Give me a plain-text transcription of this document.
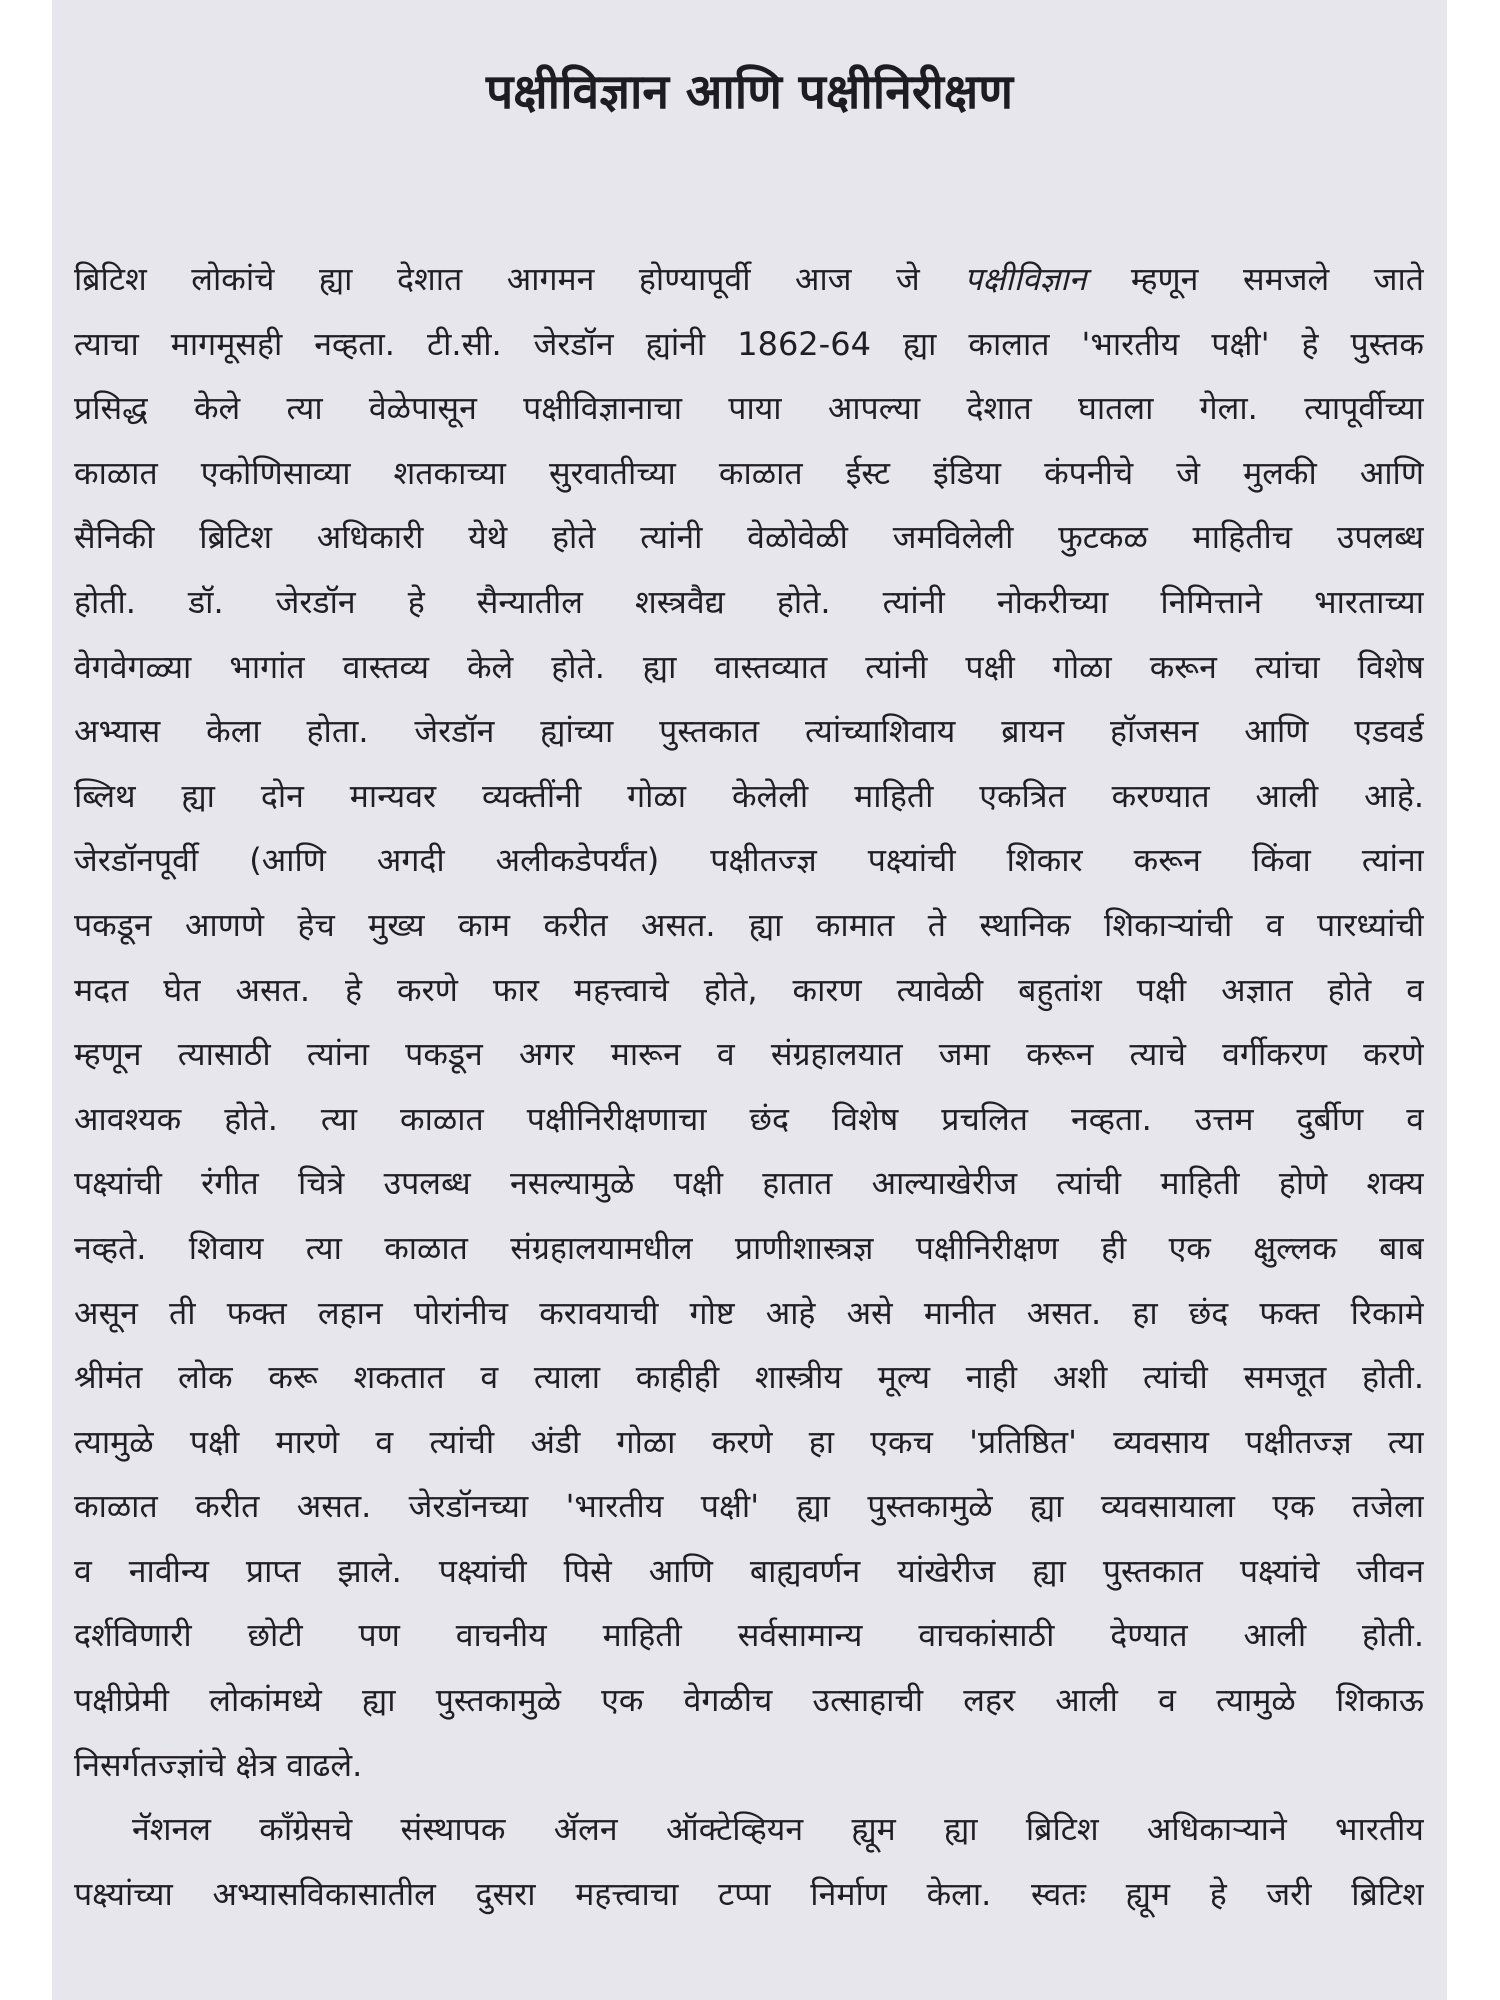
पक्षीविज्ञान आणि पक्षीनिरीक्षण
ब्रिटिश लोकांचे ह्या देशात आगमन होण्यापूर्वी आज जे पक्षीविज्ञान म्हणून समजले जाते
त्याचा मागमूसही नव्हता. टी.सी. जेरडॉन ह्यांनी 1862-64 ह्या कालात 'भारतीय पक्षी' हे पुस्तक
प्रसिद्ध केले त्या वेळेपासून पक्षीविज्ञानाचा पाया आपल्या देशात घातला गेला. त्यापूर्वीच्या
काळात एकोणिसाव्या शतकाच्या सुरवातीच्या काळात ईस्ट इंडिया कंपनीचे जे मुलकी आणि
सैनिकी ब्रिटिश अधिकारी येथे होते त्यांनी वेळोवेळी जमविलेली फुटकळ माहितीच उपलब्ध
होती. डॉ. जेरडॉन हे सैन्यातील शस्त्रवैद्य होते. त्यांनी नोकरीच्या निमित्ताने भारताच्या
वेगवेगळ्या भागांत वास्तव्य केले होते. ह्या वास्तव्यात त्यांनी पक्षी गोळा करून त्यांचा विशेष
अभ्यास केला होता. जेरडॉन ह्यांच्या पुस्तकात त्यांच्याशिवाय ब्रायन हॉजसन आणि एडवर्ड
ब्लिथ ह्या दोन मान्यवर व्यक्तींनी गोळा केलेली माहिती एकत्रित करण्यात आली आहे.
जेरडॉनपूर्वी (आणि अगदी अलीकडेपर्यंत) पक्षीतज्ज्ञ पक्ष्यांची शिकार करून किंवा त्यांना
पकडून आणणे हेच मुख्य काम करीत असत. ह्या कामात ते स्थानिक शिकाऱ्यांची व पारध्यांची
मदत घेत असत. हे करणे फार महत्त्वाचे होते, कारण त्यावेळी बहुतांश पक्षी अज्ञात होते व
म्हणून त्यासाठी त्यांना पकडून अगर मारून व संग्रहालयात जमा करून त्याचे वर्गीकरण करणे
आवश्यक होते. त्या काळात पक्षीनिरीक्षणाचा छंद विशेष प्रचलित नव्हता. उत्तम दुर्बीण व
पक्ष्यांची रंगीत चित्रे उपलब्ध नसल्यामुळे पक्षी हातात आल्याखेरीज त्यांची माहिती होणे शक्य
नव्हते. शिवाय त्या काळात संग्रहालयामधील प्राणीशास्त्रज्ञ पक्षीनिरीक्षण ही एक क्षुल्लक बाब
असून ती फक्त लहान पोरांनीच करावयाची गोष्ट आहे असे मानीत असत. हा छंद फक्त रिकामे
श्रीमंत लोक करू शकतात व त्याला काहीही शास्त्रीय मूल्य नाही अशी त्यांची समजूत होती.
त्यामुळे पक्षी मारणे व त्यांची अंडी गोळा करणे हा एकच 'प्रतिष्ठित' व्यवसाय पक्षीतज्ज्ञ त्या
काळात करीत असत. जेरडॉनच्या 'भारतीय पक्षी' ह्या पुस्तकामुळे ह्या व्यवसायाला एक तजेला
व नावीन्य प्राप्त झाले. पक्ष्यांची पिसे आणि बाह्यवर्णन यांखेरीज ह्या पुस्तकात पक्ष्यांचे जीवन
दर्शविणारी छोटी पण वाचनीय माहिती सर्वसामान्य वाचकांसाठी देण्यात आली होती.
पक्षीप्रेमी लोकांमध्ये ह्या पुस्तकामुळे एक वेगळीच उत्साहाची लहर आली व त्यामुळे शिकाऊ
निसर्गतज्ज्ञांचे क्षेत्र वाढले.
नॅशनल कॉंग्रेसचे संस्थापक ॲलन ऑक्टेव्हियन ह्यूम ह्या ब्रिटिश अधिकाऱ्याने भारतीय
पक्ष्यांच्या अभ्यासविकासातील दुसरा महत्त्वाचा टप्पा निर्माण केला. स्वतः ह्यूम हे जरी ब्रिटिश
